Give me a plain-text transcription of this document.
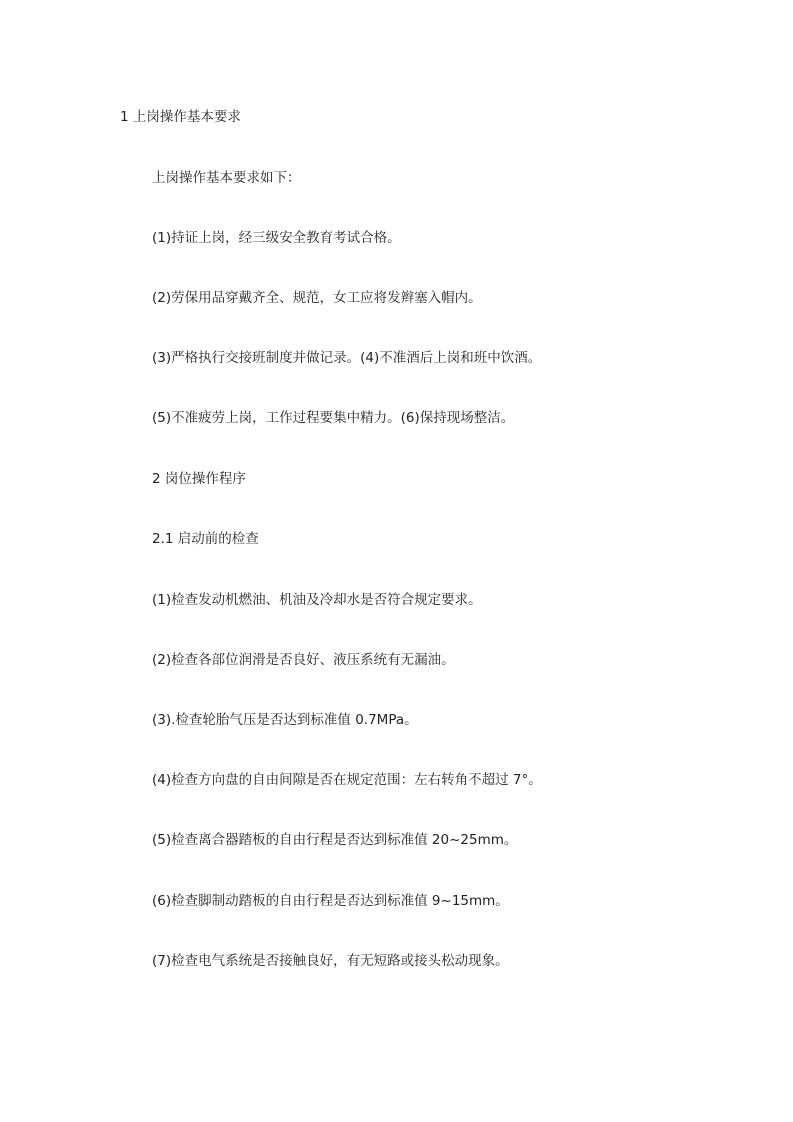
1 上岗操作基本要求
上岗操作基本要求如下：
(1)持证上岗，经三级安全教育考试合格。
(2)劳保用品穿戴齐全、规范，女工应将发辫塞入帽内。
(3)严格执行交接班制度并做记录。(4)不准酒后上岗和班中饮酒。
(5)不准疲劳上岗，工作过程要集中精力。(6)保持现场整洁。
2 岗位操作程序
2.1 启动前的检查
(1)检查发动机燃油、机油及冷却水是否符合规定要求。
(2)检查各部位润滑是否良好、液压系统有无漏油。
(3).检查轮胎气压是否达到标准值 0.7MPa。
(4)检查方向盘的自由间隙是否在规定范围：左右转角不超过 7°。
(5)检查离合器踏板的自由行程是否达到标准值 20~25mm。
(6)检查脚制动踏板的自由行程是否达到标准值 9~15mm。
(7)检查电气系统是否接触良好，有无短路或接头松动现象。
